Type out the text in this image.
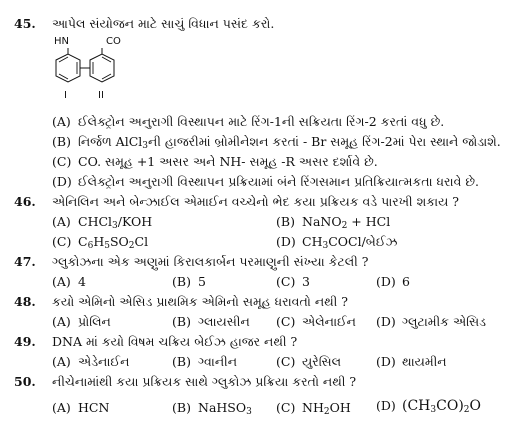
45. આપેલ સંયોજન માટે સાચું વિધાન પસંદ કરો.
HN	CO
I	II
(A) ઈલેક્ટ્રોન અનુરાગી વિસ્થાપન માટે રિંગ-1ની સક્રિયતા રિંગ-2 કરતાં વધુ છે.
(B) નિર્જળ AlCl$_3$ની હાજરીમાં બ્રોમીનેશન કરતાં - Br સમૂહ રિંગ-2માં પેરા સ્થાને જોડાશે.
(C) CO. સમૂહ +1 અસર અને NH- સમૂહ -R અસર દર્શાવે છે.
(D) ઈલેક્ટ્રોન અનુરાગી વિસ્થાપન પ્રક્રિયામાં બંને રિંગસમાન પ્રતિક્રિયાત્મકતા ધરાવે છે.
46. એનિલિન અને બેન્ઝાઈલ એમાઈન વચ્ચેનો ભેદ કયા પ્રક્રિયક વડે પારખી શકાય ?
(A) CHCl$_3$/KOH	(B) NaNO$_2$ + HCl
(C) $C_6H_5SO_2Cl$	(D) $CH_3COCl/બેઈઝ$
47. ગ્લુકોઝના એક અણુમાં કિરાલકાર્બન પરમાણુની સંખ્યા કેટલી ?
(A) 4	(B) 5	(C) 3	(D) 6
48. કયો એમિનો એસિડ પ્રાથમિક એમિનો સમૂહ ધરાવતો નથી ?
(A) પ્રોલિન	(B) ગ્લાયસીન (C) એલેનાઈન (D) ગ્લુટામીક એસિડ
49. DNA માં કયો વિષમ ચક્રિય બેઈઝ હાજર નથી ?
(A) એડેનાઈન	(B) ગ્વાનીન	(C) યુરેસિલ	(D) થાયમીન
50. નીચેનામાંથી કયા પ્રક્રિયક સાથે ગ્લુકોઝ પ્રક્રિયા કરતો નથી ?
(A) HCN	(B) NaHSO$_3$ (C) $NH_2OH$ (D) $(CH_3CO)_2O$
